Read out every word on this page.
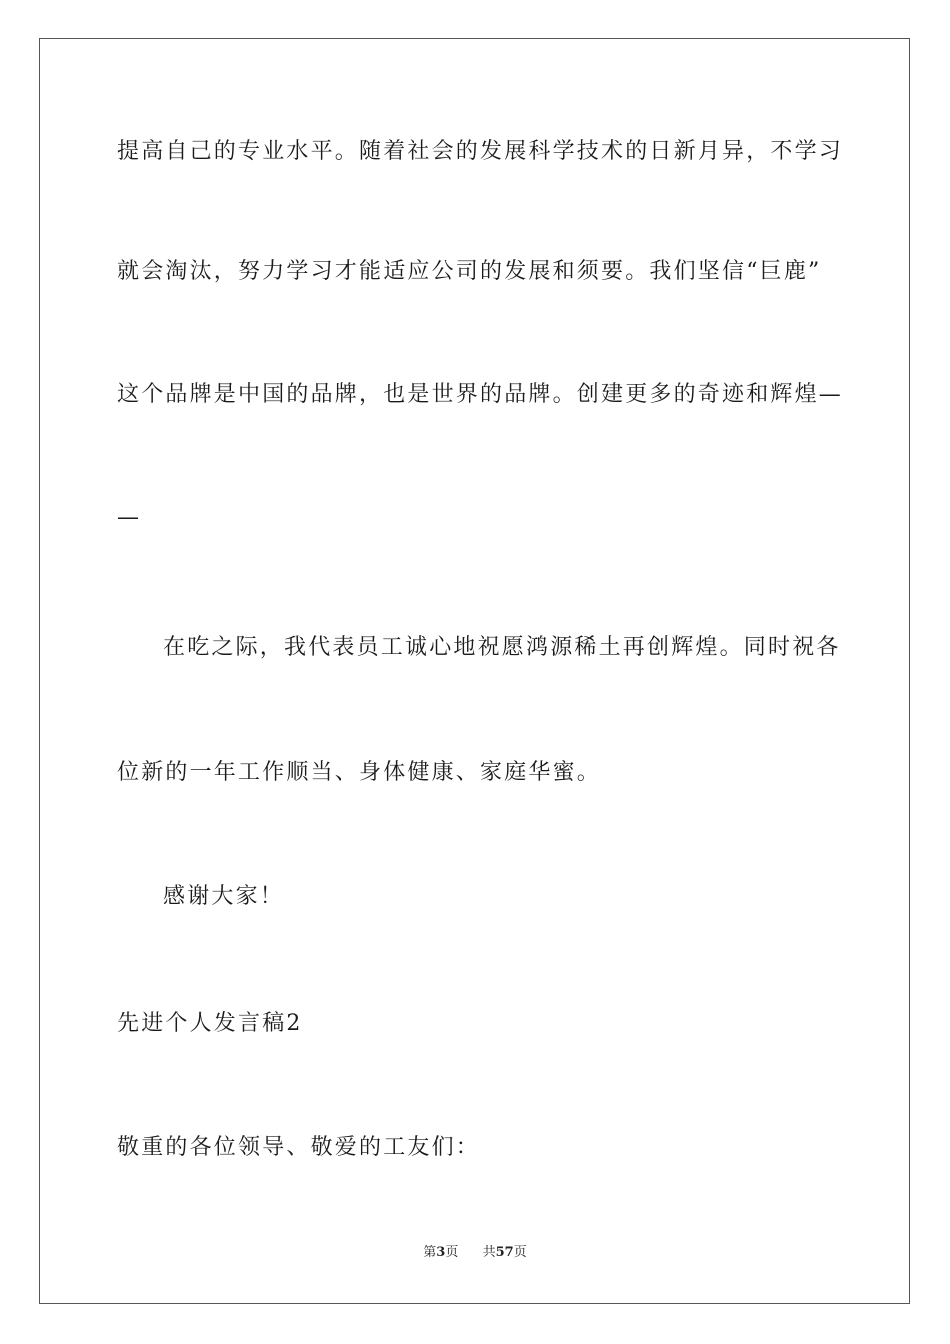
提高自己的专业水平。随着社会的发展科学技术的日新月异，不学习
就会淘汰，努力学习才能适应公司的发展和须要。我们坚信“巨鹿”
这个品牌是中国的品牌，也是世界的品牌。创建更多的奇迹和辉煌—
—
在吃之际，我代表员工诚心地祝愿鸿源稀土再创辉煌。同时祝各
位新的一年工作顺当、身体健康、家庭华蜜。
感谢大家！
先进个人发言稿2
敬重的各位领导、敬爱的工友们：
第3页 共57页
